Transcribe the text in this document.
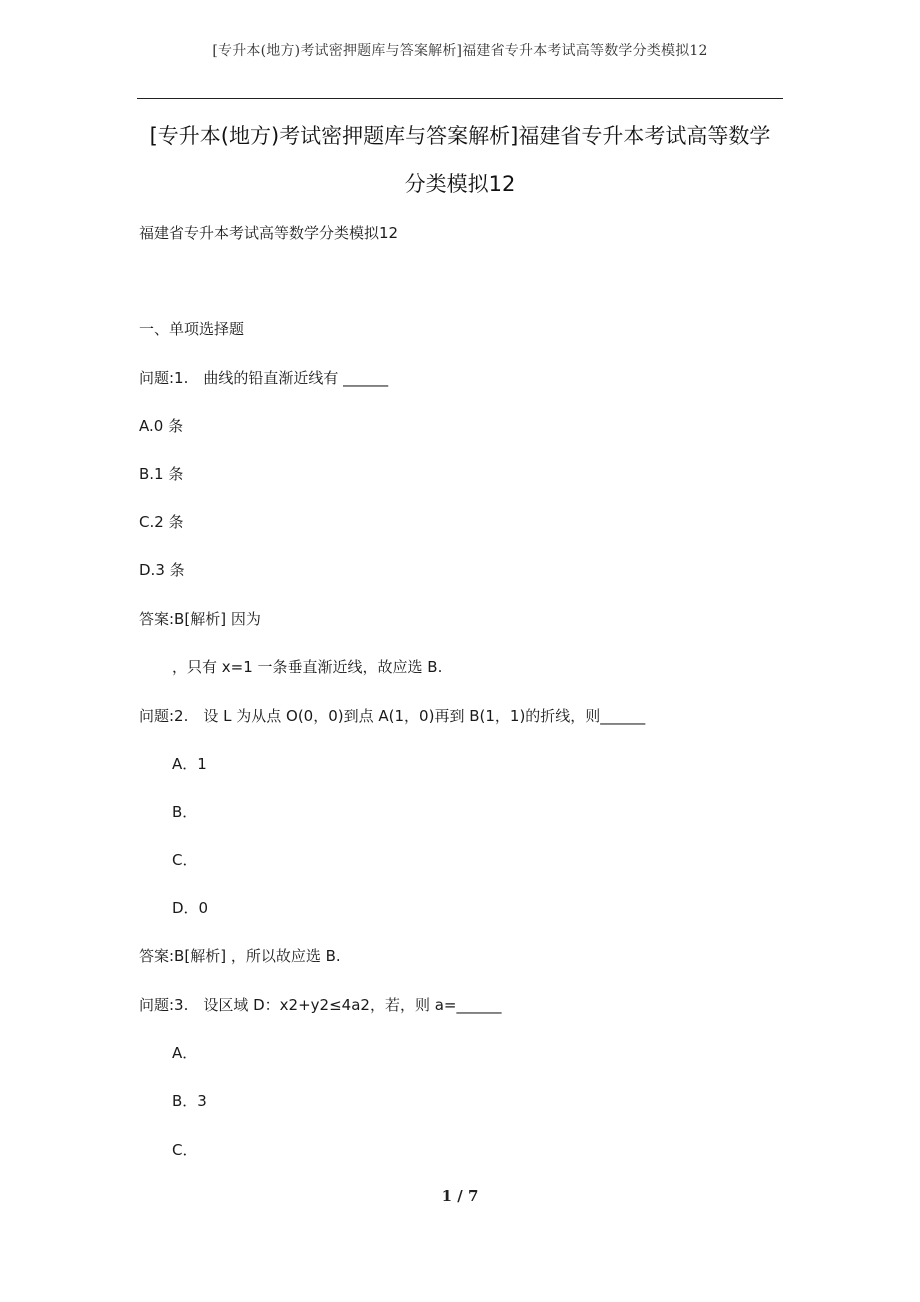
[专升本(地方)考试密押题库与答案解析]福建省专升本考试高等数学分类模拟12
[专升本(地方)考试密押题库与答案解析]福建省专升本考试高等数学
分类模拟12
福建省专升本考试高等数学分类模拟12
一、单项选择题
问题:1.　曲线的铅直渐近线有 ______
A.0 条
B.1 条
C.2 条
D.3 条
答案:B[解析] 因为
，只有 x=1 一条垂直渐近线，故应选 B.
问题:2.　设 L 为从点 O(0，0)到点 A(1，0)再到 B(1，1)的折线，则______
A．1
B．
C．
D．0
答案:B[解析] ，所以故应选 B.
问题:3.　设区域 D：x2+y2≤4a2，若，则 a=______
A．
B．3
C．
1 / 7
